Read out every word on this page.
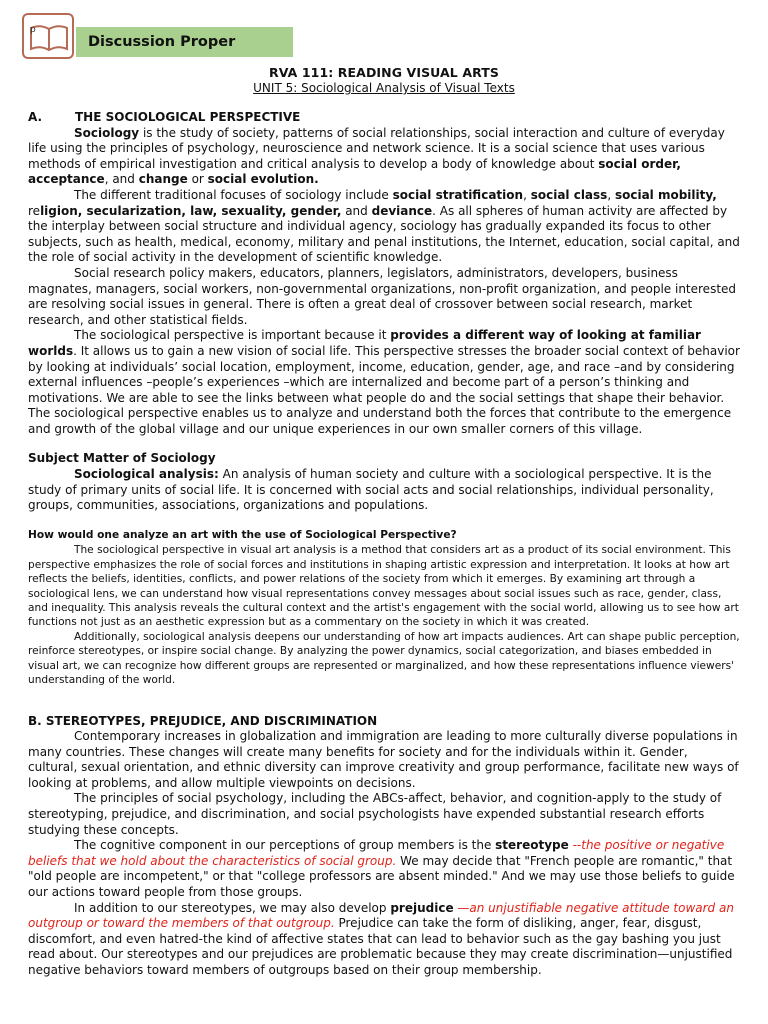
p
Discussion Proper
RVA 111: READING VISUAL ARTS
UNIT 5: Sociological Analysis of Visual Texts
A.	THE SOCIOLOGICAL PERSPECTIVE

Sociology is the study of society, patterns of social relationships, social interaction and culture of everyday life using the principles of psychology, neuroscience and network science. It is a social science that uses various methods of empirical investigation and critical analysis to develop a body of knowledge about social order, acceptance, and change or social evolution.

The different traditional focuses of sociology include social stratification, social class, social mobility, religion, secularization, law, sexuality, gender, and deviance. As all spheres of human activity are affected by the interplay between social structure and individual agency, sociology has gradually expanded its focus to other subjects, such as health, medical, economy, military and penal institutions, the Internet, education, social capital, and the role of social activity in the development of scientific knowledge.

Social research policy makers, educators, planners, legislators, administrators, developers, business magnates, managers, social workers, non-governmental organizations, non-profit organization, and people interested are resolving social issues in general. There is often a great deal of crossover between social research, market research, and other statistical fields.

The sociological perspective is important because it provides a different way of looking at familiar worlds. It allows us to gain a new vision of social life. This perspective stresses the broader social context of behavior by looking at individuals’ social location, employment, income, education, gender, age, and race –and by considering external influences –people’s experiences –which are internalized and become part of a person’s thinking and motivations. We are able to see the links between what people do and the social settings that shape their behavior. The sociological perspective enables us to analyze and understand both the forces that contribute to the emergence and growth of the global village and our unique experiences in our own smaller corners of this village.

Subject Matter of Sociology

Sociological analysis: An analysis of human society and culture with a sociological perspective. It is the study of primary units of social life. It is concerned with social acts and social relationships, individual personality, groups, communities, associations, organizations and populations.

How would one analyze an art with the use of Sociological Perspective?

The sociological perspective in visual art analysis is a method that considers art as a product of its social environment. This perspective emphasizes the role of social forces and institutions in shaping artistic expression and interpretation. It looks at how art reflects the beliefs, identities, conflicts, and power relations of the society from which it emerges. By examining art through a sociological lens, we can understand how visual representations convey messages about social issues such as race, gender, class, and inequality. This analysis reveals the cultural context and the artist's engagement with the social world, allowing us to see how art functions not just as an aesthetic expression but as a commentary on the society in which it was created.

Additionally, sociological analysis deepens our understanding of how art impacts audiences. Art can shape public perception, reinforce stereotypes, or inspire social change. By analyzing the power dynamics, social categorization, and biases embedded in visual art, we can recognize how different groups are represented or marginalized, and how these representations influence viewers' understanding of the world.

B. STEREOTYPES, PREJUDICE, AND DISCRIMINATION

Contemporary increases in globalization and immigration are leading to more culturally diverse populations in many countries. These changes will create many benefits for society and for the individuals within it. Gender, cultural, sexual orientation, and ethnic diversity can improve creativity and group performance, facilitate new ways of looking at problems, and allow multiple viewpoints on decisions.

The principles of social psychology, including the ABCs-affect, behavior, and cognition-apply to the study of stereotyping, prejudice, and discrimination, and social psychologists have expended substantial research efforts studying these concepts.

The cognitive component in our perceptions of group members is the stereotype --the positive or negative beliefs that we hold about the characteristics of social group. We may decide that "French people are romantic," that "old people are incompetent," or that "college professors are absent minded." And we may use those beliefs to guide our actions toward people from those groups.

In addition to our stereotypes, we may also develop prejudice —an unjustifiable negative attitude toward an outgroup or toward the members of that outgroup. Prejudice can take the form of disliking, anger, fear, disgust, discomfort, and even hatred-the kind of affective states that can lead to behavior such as the gay bashing you just read about. Our stereotypes and our prejudices are problematic because they may create discrimination—unjustified negative behaviors toward members of outgroups based on their group membership.
